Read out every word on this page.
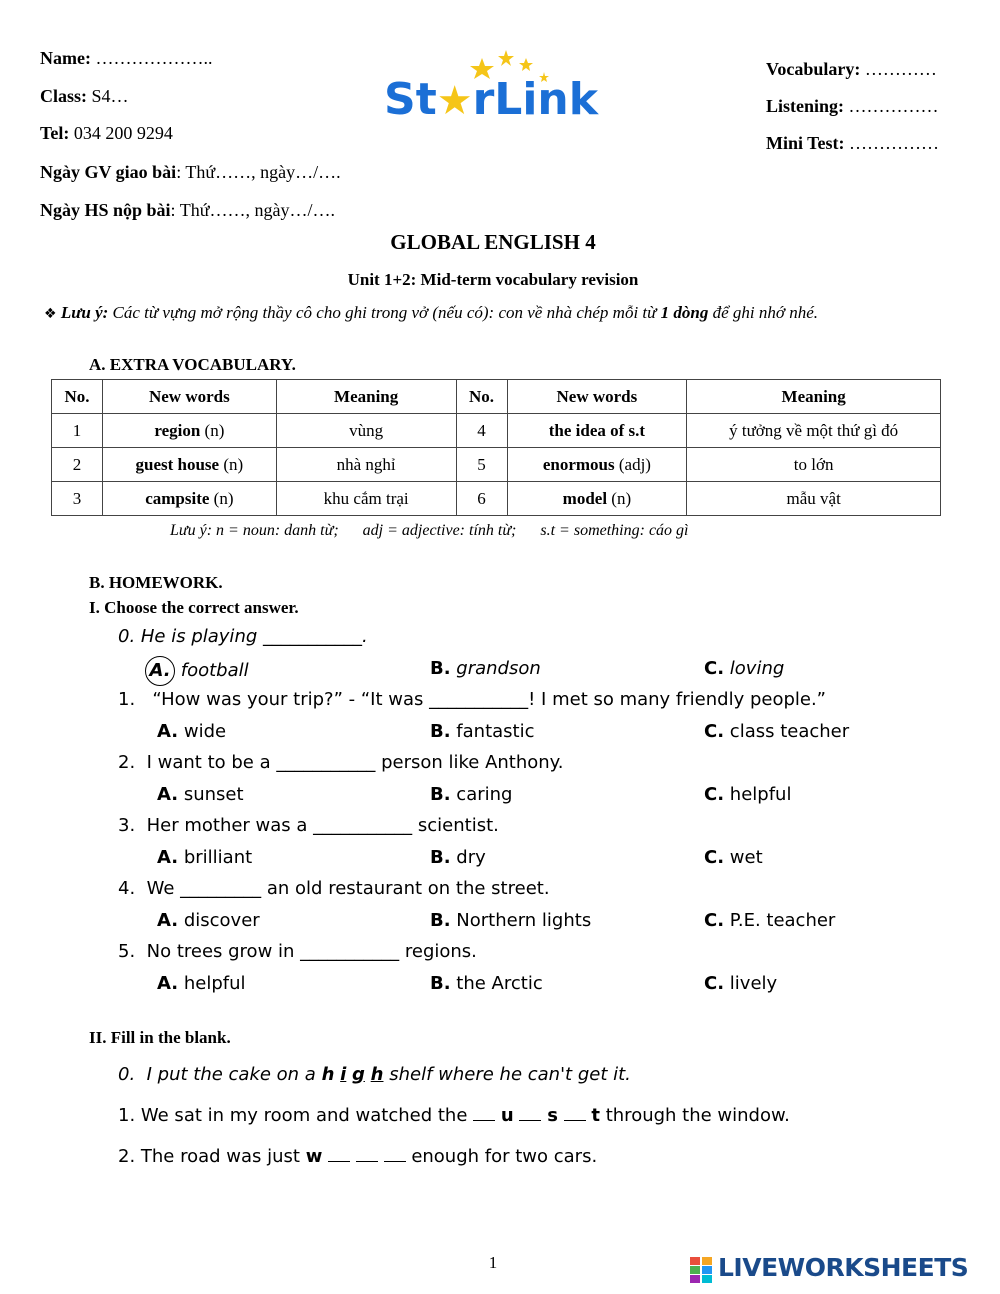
Name: ………………..
Class: S4…
Tel: 034 200 9294
Ngày GV giao bài: Thứ……, ngày…/….
Ngày HS nộp bài: Thứ……, ngày…/….
St★rLink
Vocabulary: …………
Listening: ……………
Mini Test: ……………
GLOBAL ENGLISH 4
Unit 1+2: Mid-term vocabulary revision
❖ Lưu ý: Các từ vựng mở rộng thầy cô cho ghi trong vở (nếu có): con về nhà chép mỗi từ 1 dòng để ghi nhớ nhé.
A. EXTRA VOCABULARY.
No.	New words	Meaning	No.	New words	Meaning
1	region (n)	vùng	4	the idea of s.t	ý tưởng về một thứ gì đó
2	guest house (n)	nhà nghỉ	5	enormous (adj)	to lớn
3	campsite (n)	khu cắm trại	6	model (n)	mẫu vật
Lưu ý: n = noun: danh từ;      adj = adjective: tính từ;      s.t = something: cáo gì
B. HOMEWORK.
I. Choose the correct answer.
0. He is playing ___________.
A. football	B. grandson	C. loving
1.   “How was your trip?” - “It was ___________! I met so many friendly people.”
A. wide	B. fantastic	C. class teacher
2.  I want to be a ___________ person like Anthony.
A. sunset	B. caring	C. helpful
3.  Her mother was a ___________ scientist.
A. brilliant	B. dry	C. wet
4.  We _________ an old restaurant on the street.
A. discover	B. Northern lights	C. P.E. teacher
5.  No trees grow in ___________ regions.
A. helpful	B. the Arctic	C. lively
II. Fill in the blank.
0.  I put the cake on a h i g h shelf where he can't get it.
1. We sat in my room and watched the u s t through the window.
2. The road was just w	enough for two cars.
1	LIVEWORKSHEETS
